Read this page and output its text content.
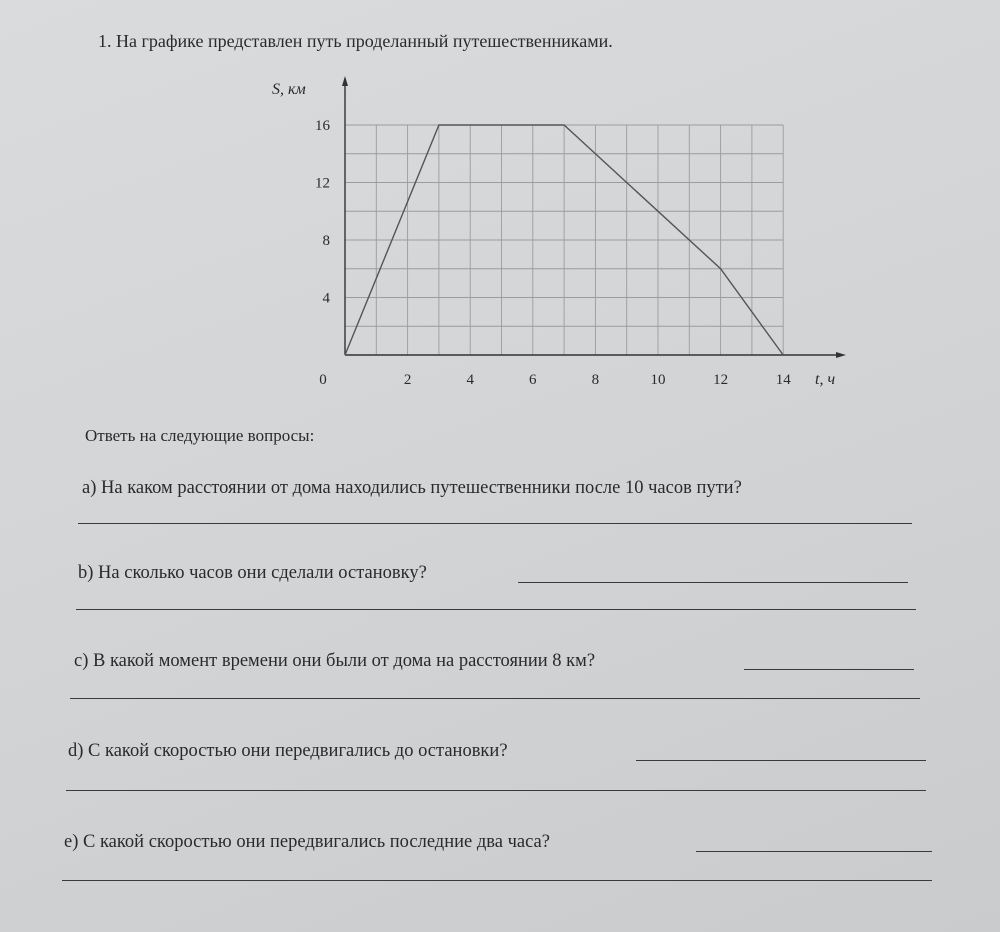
1. На графике представлен путь проделанный путешественниками.
0	2	4	6	8	10	12	14
4
8
12
16
S, км
t, ч
Ответь на следующие вопросы:
a) На каком расстоянии от дома находились путешественники после 10 часов пути?
b) На сколько часов они сделали остановку?
c) В какой момент времени они были от дома на расстоянии 8 км?
d) С какой скоростью они передвигались до остановки?
e) С какой скоростью они передвигались последние два часа?
